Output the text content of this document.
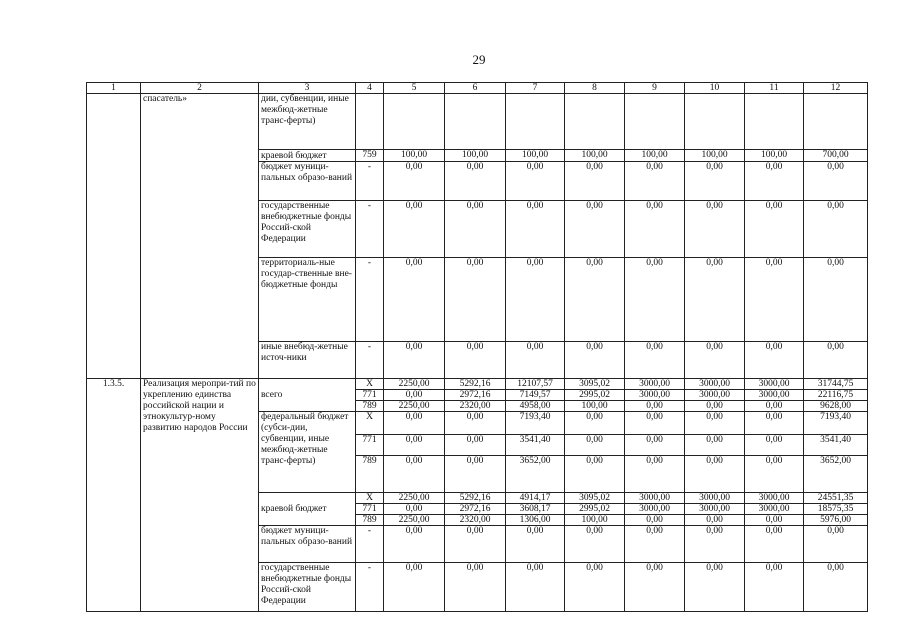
29
1	2	3	4	5	6	7	8	9	10	11	12
	спасатель»	дии, субвенции, иные межбюд-жетные транс-ферты)									
		краевой бюджет	759	100,00	100,00	100,00	100,00	100,00	100,00	100,00	700,00
		бюджет муници-пальных образо-ваний	-	0,00	0,00	0,00	0,00	0,00	0,00	0,00	0,00
		государственные внебюджетные фонды Россий-ской Федерации	-	0,00	0,00	0,00	0,00	0,00	0,00	0,00	0,00
		территориаль-ные государ-ственные вне-бюджетные фонды	-	0,00	0,00	0,00	0,00	0,00	0,00	0,00	0,00
		иные внебюд-жетные источ-ники	-	0,00	0,00	0,00	0,00	0,00	0,00	0,00	0,00
1.3.5.	Реализация меропри-тий по укреплению единства российской нации и этнокультур-ному развитию народов России	всего	X	2250,00	5292,16	12107,57	3095,02	3000,00	3000,00	3000,00	31744,75
			771	0,00	2972,16	7149,57	2995,02	3000,00	3000,00	3000,00	22116,75
			789	2250,00	2320,00	4958,00	100,00	0,00	0,00	0,00	9628,00
		федеральный бюджет (субси-дии, субвенции, иные межбюд-жетные транс-ферты)	X	0,00	0,00	7193,40	0,00	0,00	0,00	0,00	7193,40
			771	0,00	0,00	3541,40	0,00	0,00	0,00	0,00	3541,40
			789	0,00	0,00	3652,00	0,00	0,00	0,00	0,00	3652,00
		краевой бюджет	X	2250,00	5292,16	4914,17	3095,02	3000,00	3000,00	3000,00	24551,35
			771	0,00	2972,16	3608,17	2995,02	3000,00	3000,00	3000,00	18575,35
			789	2250,00	2320,00	1306,00	100,00	0,00	0,00	0,00	5976,00
		бюджет муници-пальных образо-ваний	-	0,00	0,00	0,00	0,00	0,00	0,00	0,00	0,00
		государственные внебюджетные фонды Россий-ской Федерации	-	0,00	0,00	0,00	0,00	0,00	0,00	0,00	0,00
